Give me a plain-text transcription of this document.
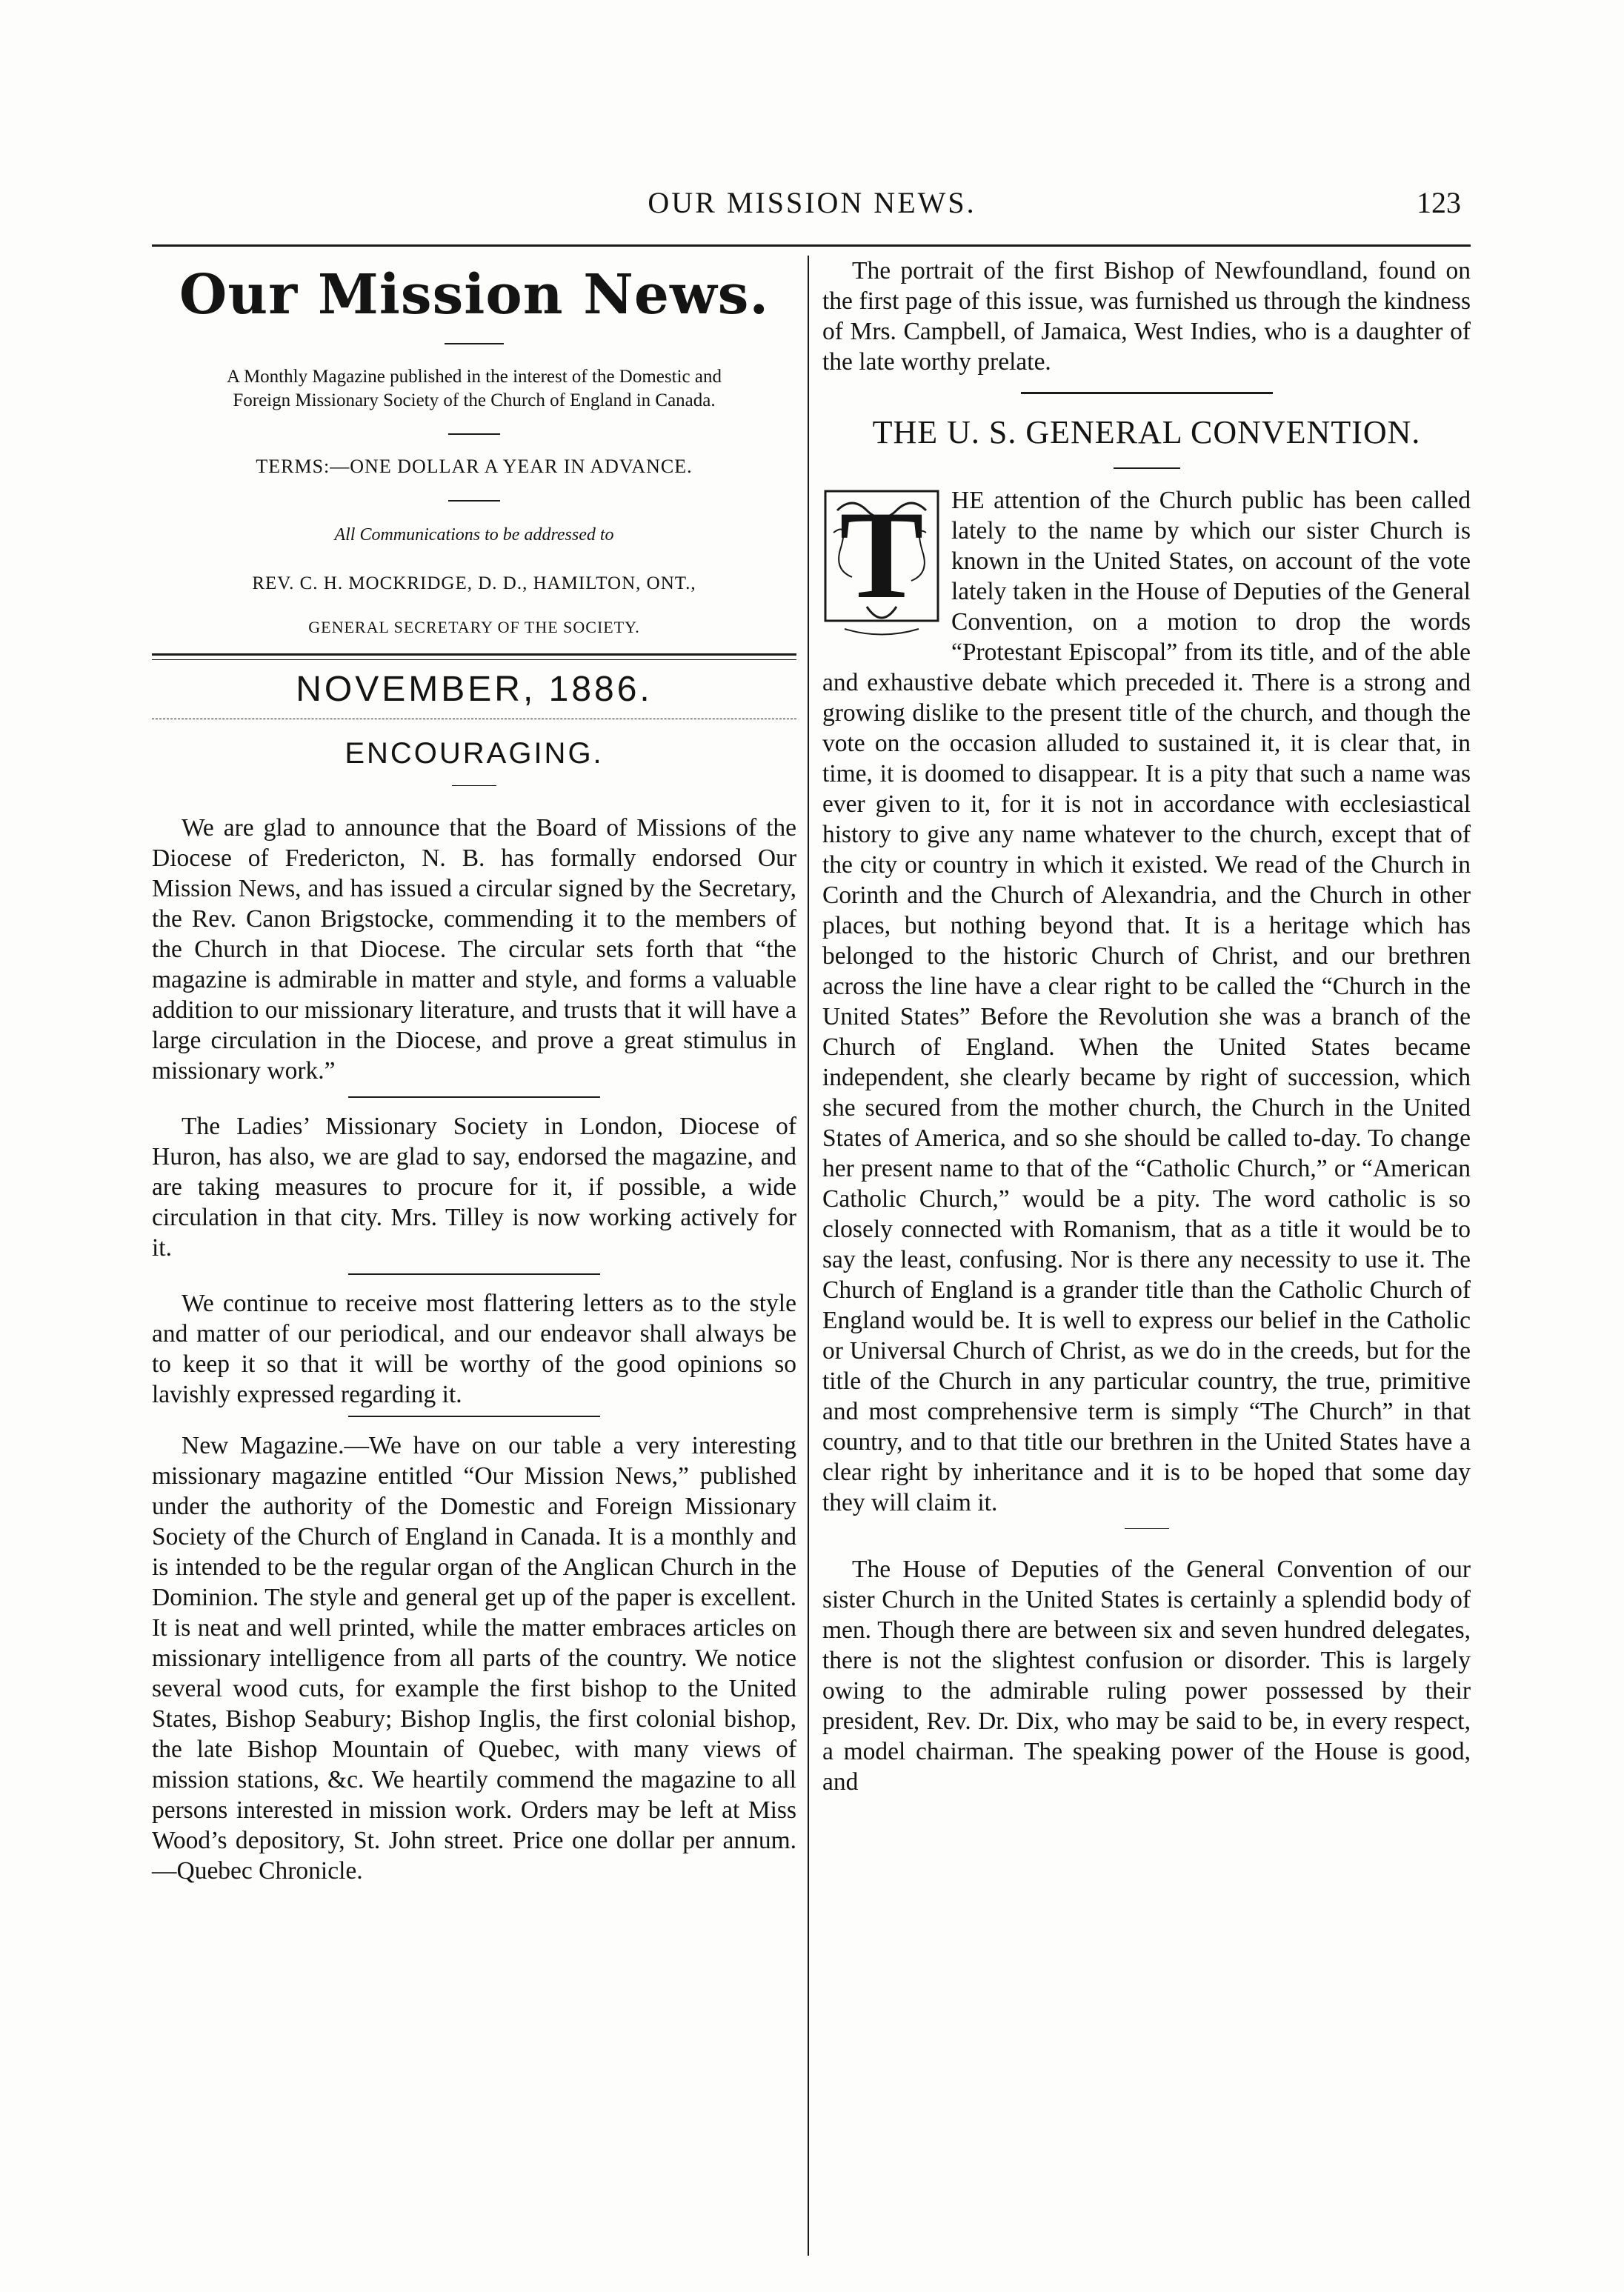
OUR MISSION NEWS.	123
Our Mission News.
A Monthly Magazine published in the interest of the Domestic and
Foreign Missionary Society of the Church of England in Canada.
TERMS:—ONE DOLLAR A YEAR IN ADVANCE.
All Communications to be addressed to
REV. C. H. MOCKRIDGE, D. D., HAMILTON, ONT.,
GENERAL SECRETARY OF THE SOCIETY.
NOVEMBER, 1886.
ENCOURAGING.

We are glad to announce that the Board of Missions of the Diocese of Fredericton, N. B. has formally endorsed Our Mission News, and has issued a circular signed by the Secretary, the Rev. Canon Brigstocke, commending it to the members of the Church in that Diocese. The circular sets forth that “the magazine is admirable in matter and style, and forms a valuable addition to our missionary literature, and trusts that it will have a large circulation in the Diocese, and prove a great stimulus in missionary work.”

The Ladies’ Missionary Society in London, Diocese of Huron, has also, we are glad to say, endorsed the magazine, and are taking measures to procure for it, if possible, a wide circulation in that city. Mrs. Tilley is now working actively for it.

We continue to receive most flattering letters as to the style and matter of our periodical, and our endeavor shall always be to keep it so that it will be worthy of the good opinions so lavishly expressed regarding it.

New Magazine.—We have on our table a very interesting missionary magazine entitled “Our Mission News,” published under the authority of the Domestic and Foreign Missionary Society of the Church of England in Canada. It is a monthly and is intended to be the regular organ of the Anglican Church in the Dominion. The style and general get up of the paper is excellent. It is neat and well printed, while the matter embraces articles on missionary intelligence from all parts of the country. We notice several wood cuts, for example the first bishop to the United States, Bishop Seabury; Bishop Inglis, the first colonial bishop, the late Bishop Mountain of Quebec, with many views of mission stations, &c. We heartily commend the magazine to all persons interested in mission work. Orders may be left at Miss Wood’s depository, St. John street. Price one dollar per annum.—Quebec Chronicle.

The portrait of the first Bishop of Newfoundland, found on the first page of this issue, was furnished us through the kindness of Mrs. Campbell, of Jamaica, West Indies, who is a daughter of the late worthy prelate.

THE U. S. GENERAL CONVENTION.
T	HE attention of the Church public has been called lately to the name by which our sister Church is known in the United States, on account of the vote lately taken in the House of Deputies of the General Convention, on a motion to drop the words “Protestant Episcopal” from its title, and of the able and exhaustive debate which preceded it. There is a strong and growing dislike to the present title of the church, and though the vote on the occasion alluded to sustained it, it is clear that, in time, it is doomed to disappear. It is a pity that such a name was ever given to it, for it is not in accordance with ecclesiastical history to give any name whatever to the church, except that of the city or country in which it existed. We read of the Church in Corinth and the Church of Alexandria, and the Church in other places, but nothing beyond that. It is a heritage which has belonged to the historic Church of Christ, and our brethren across the line have a clear right to be called the “Church in the United States” Before the Revolution she was a branch of the Church of England. When the United States became independent, she clearly became by right of succession, which she secured from the mother church, the Church in the United States of America, and so she should be called to-day. To change her present name to that of the “Catholic Church,” or “American Catholic Church,” would be a pity. The word catholic is so closely connected with Romanism, that as a title it would be to say the least, confusing. Nor is there any necessity to use it. The Church of England is a grander title than the Catholic Church of England would be. It is well to express our belief in the Catholic or Universal Church of Christ, as we do in the creeds, but for the title of the Church in any particular country, the true, primitive and most comprehensive term is simply “The Church” in that country, and to that title our brethren in the United States have a clear right by inheritance and it is to be hoped that some day they will claim it.

The House of Deputies of the General Convention of our sister Church in the United States is certainly a splendid body of men. Though there are between six and seven hundred delegates, there is not the slightest confusion or disorder. This is largely owing to the admirable ruling power possessed by their president, Rev. Dr. Dix, who may be said to be, in every respect, a model chairman. The speaking power of the House is good, and
